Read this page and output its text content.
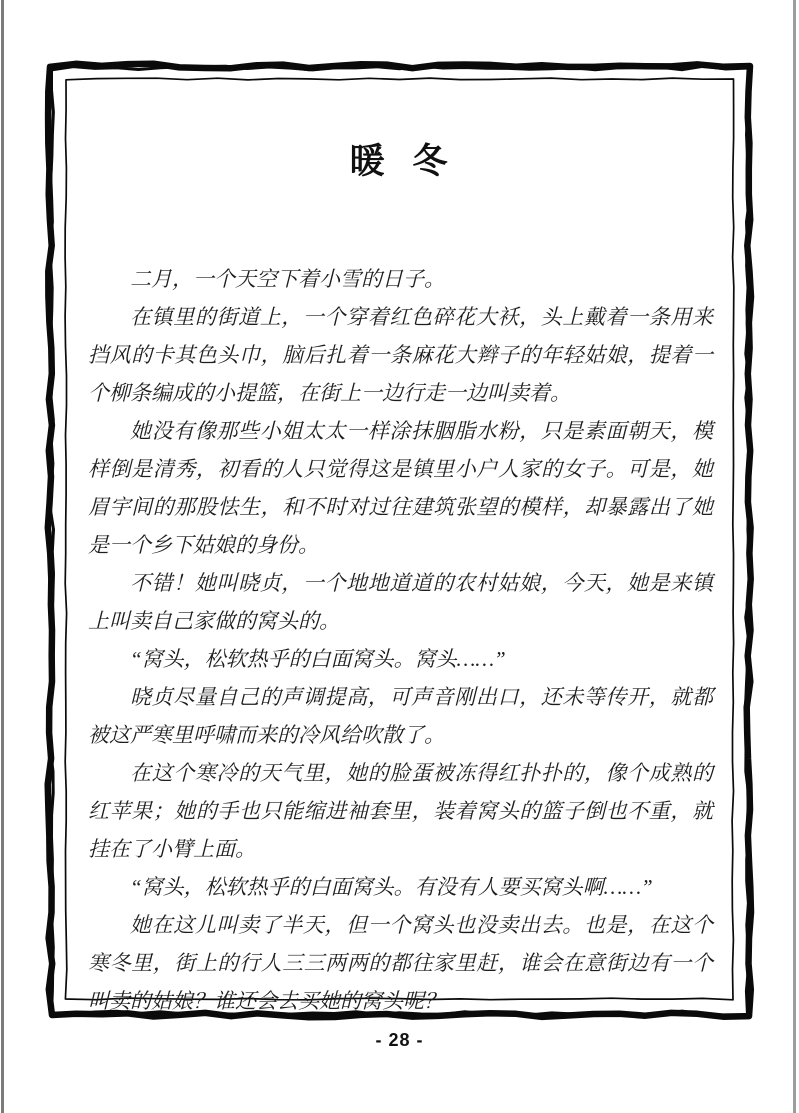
暖 冬

二月，一个天空下着小雪的日子。

在镇里的街道上，一个穿着红色碎花大袄，头上戴着一条用来挡风的卡其色头巾，脑后扎着一条麻花大辫子的年轻姑娘，提着一个柳条编成的小提篮，在街上一边行走一边叫卖着。

她没有像那些小姐太太一样涂抹胭脂水粉，只是素面朝天，模样倒是清秀，初看的人只觉得这是镇里小户人家的女子。可是，她眉宇间的那股怯生，和不时对过往建筑张望的模样，却暴露出了她是一个乡下姑娘的身份。

不错！她叫晓贞，一个地地道道的农村姑娘，今天，她是来镇上叫卖自己家做的窝头的。

“窝头，松软热乎的白面窝头。窝头……”

晓贞尽量自己的声调提高，可声音刚出口，还未等传开，就都被这严寒里呼啸而来的冷风给吹散了。

在这个寒冷的天气里，她的脸蛋被冻得红扑扑的，像个成熟的红苹果；她的手也只能缩进袖套里，装着窝头的篮子倒也不重，就挂在了小臂上面。

“窝头，松软热乎的白面窝头。有没有人要买窝头啊……”

她在这儿叫卖了半天，但一个窝头也没卖出去。也是，在这个寒冬里，街上的行人三三两两的都往家里赶，谁会在意街边有一个叫卖的姑娘？谁还会去买她的窝头呢？

- 28 -
